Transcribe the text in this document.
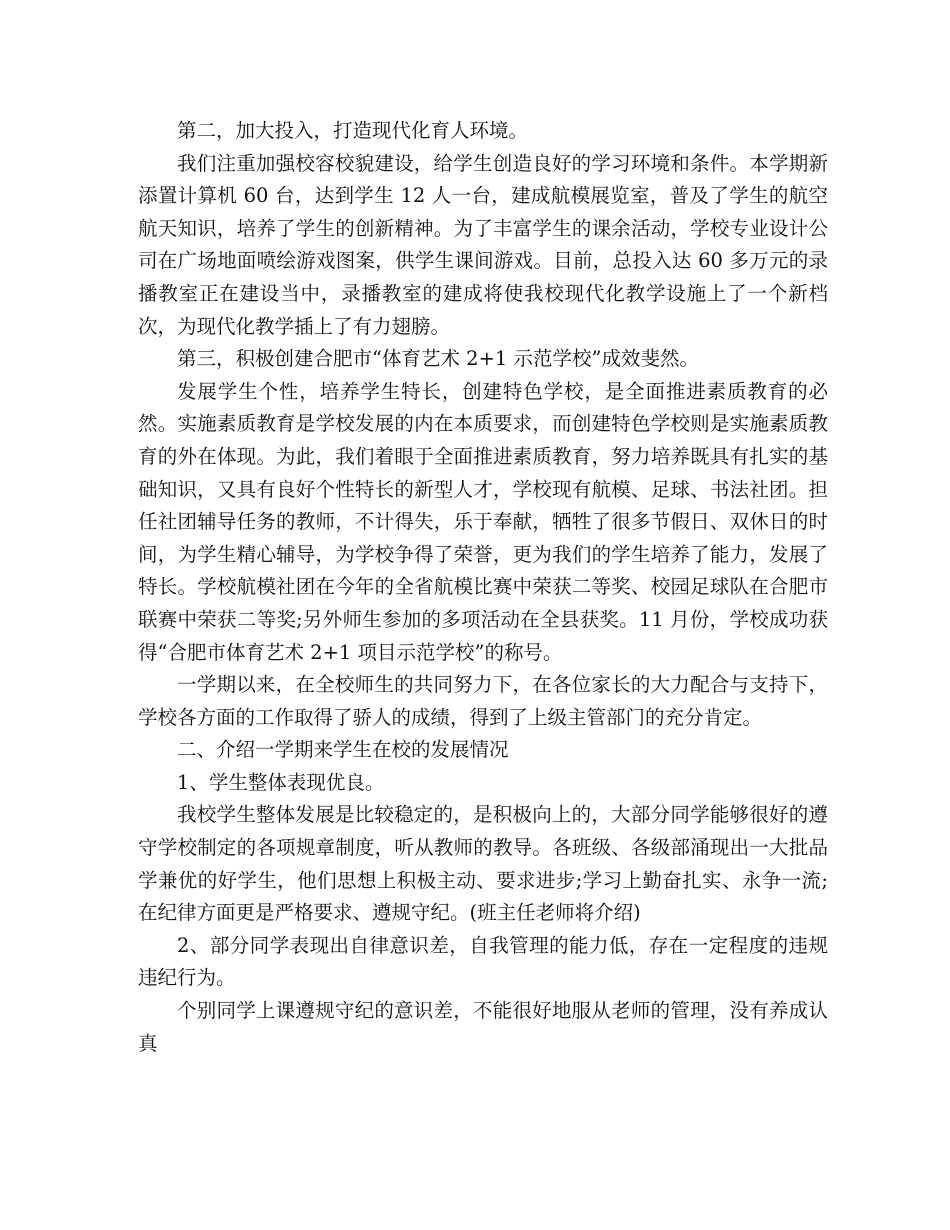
第二，加大投入，打造现代化育人环境。

我们注重加强校容校貌建设，给学生创造良好的学习环境和条件。本学期新添置计算机 60 台，达到学生 12 人一台，建成航模展览室，普及了学生的航空航天知识，培养了学生的创新精神。为了丰富学生的课余活动，学校专业设计公司在广场地面喷绘游戏图案，供学生课间游戏。目前，总投入达 60 多万元的录播教室正在建设当中，录播教室的建成将使我校现代化教学设施上了一个新档次，为现代化教学插上了有力翅膀。

第三，积极创建合肥市“体育艺术 2+1 示范学校”成效斐然。

发展学生个性，培养学生特长，创建特色学校，是全面推进素质教育的必然。实施素质教育是学校发展的内在本质要求，而创建特色学校则是实施素质教育的外在体现。为此，我们着眼于全面推进素质教育，努力培养既具有扎实的基础知识，又具有良好个性特长的新型人才，学校现有航模、足球、书法社团。担任社团辅导任务的教师，不计得失，乐于奉献，牺牲了很多节假日、双休日的时间，为学生精心辅导，为学校争得了荣誉，更为我们的学生培养了能力，发展了特长。学校航模社团在今年的全省航模比赛中荣获二等奖、校园足球队在合肥市联赛中荣获二等奖;另外师生参加的多项活动在全县获奖。11 月份，学校成功获得“合肥市体育艺术 2+1 项目示范学校”的称号。

一学期以来，在全校师生的共同努力下，在各位家长的大力配合与支持下，学校各方面的工作取得了骄人的成绩，得到了上级主管部门的充分肯定。

二、介绍一学期来学生在校的发展情况

1、学生整体表现优良。

我校学生整体发展是比较稳定的，是积极向上的，大部分同学能够很好的遵守学校制定的各项规章制度，听从教师的教导。各班级、各级部涌现出一大批品学兼优的好学生，他们思想上积极主动、要求进步;学习上勤奋扎实、永争一流;在纪律方面更是严格要求、遵规守纪。(班主任老师将介绍)

2、部分同学表现出自律意识差，自我管理的能力低，存在一定程度的违规违纪行为。

个别同学上课遵规守纪的意识差，不能很好地服从老师的管理，没有养成认真
